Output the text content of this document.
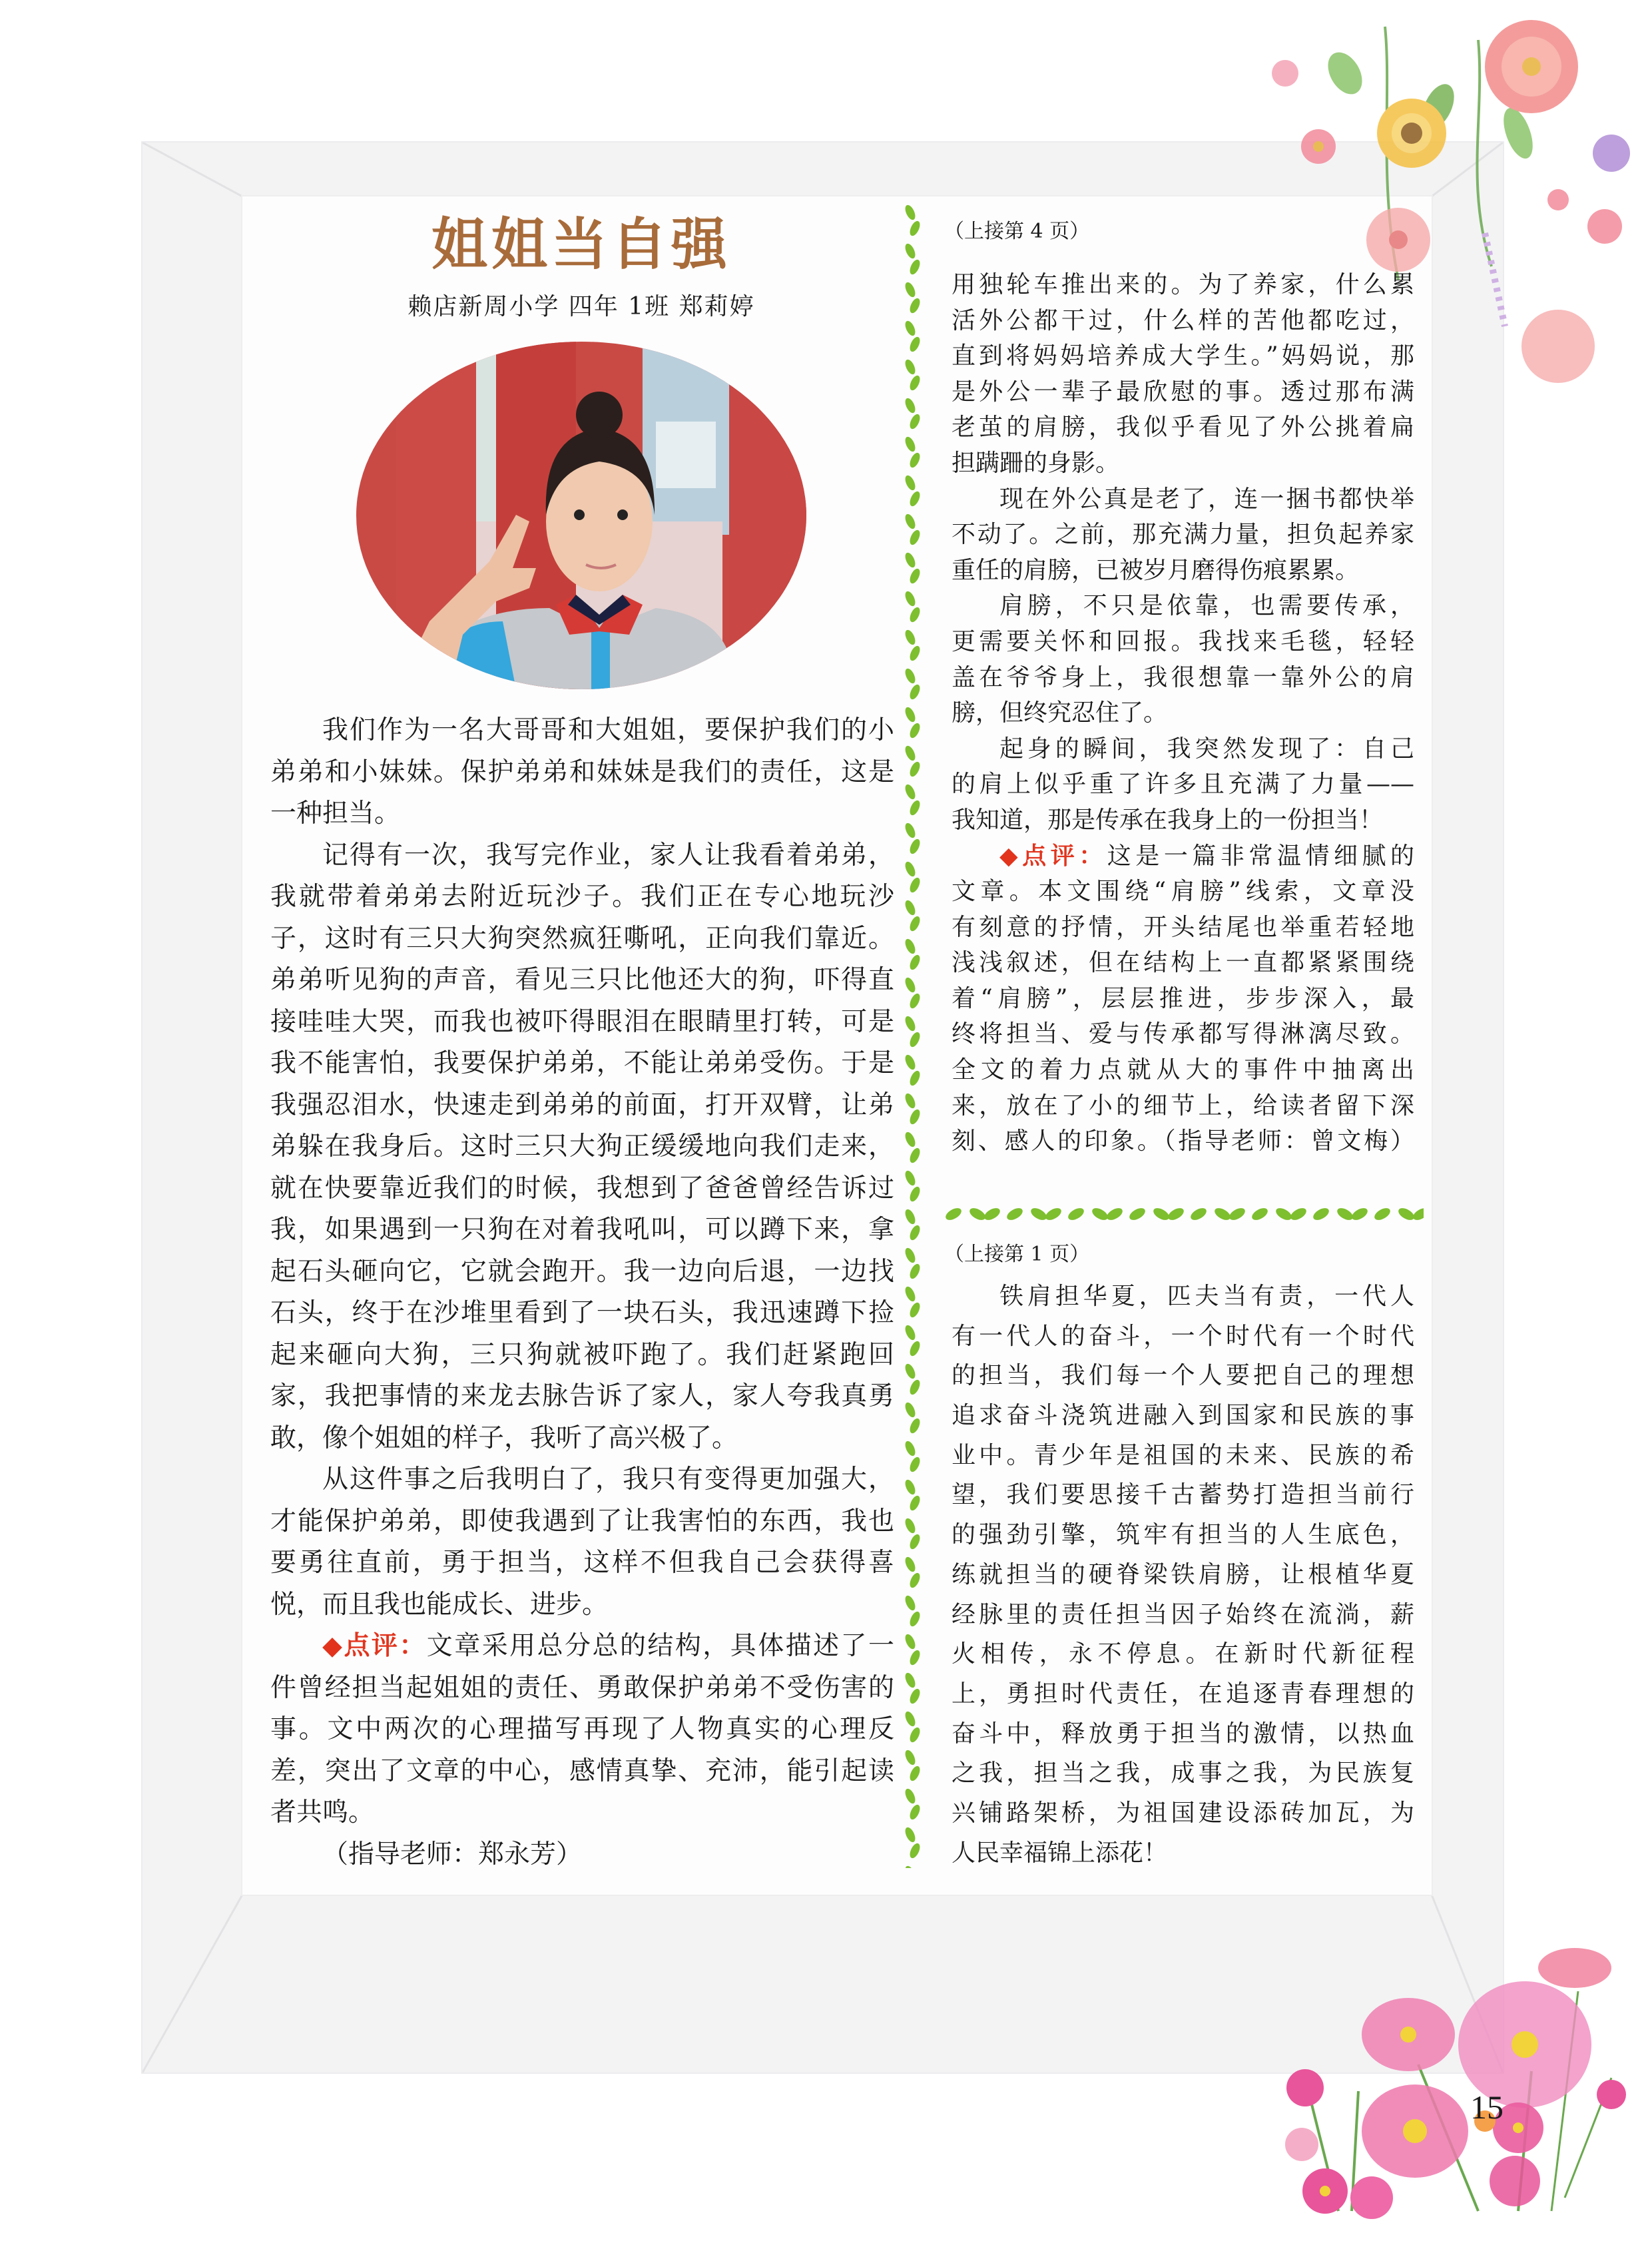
姐姐当自强
赖店新周小学 四年 1班 郑莉婷
我们作为一名大哥哥和大姐姐，要保护我们的小
弟弟和小妹妹。保护弟弟和妹妹是我们的责任，这是
一种担当。
记得有一次，我写完作业，家人让我看着弟弟，
我就带着弟弟去附近玩沙子。我们正在专心地玩沙
子，这时有三只大狗突然疯狂嘶吼，正向我们靠近。
弟弟听见狗的声音，看见三只比他还大的狗，吓得直
接哇哇大哭，而我也被吓得眼泪在眼睛里打转，可是
我不能害怕，我要保护弟弟，不能让弟弟受伤。于是
我强忍泪水，快速走到弟弟的前面，打开双臂，让弟
弟躲在我身后。这时三只大狗正缓缓地向我们走来，
就在快要靠近我们的时候，我想到了爸爸曾经告诉过
我，如果遇到一只狗在对着我吼叫，可以蹲下来，拿
起石头砸向它，它就会跑开。我一边向后退，一边找
石头，终于在沙堆里看到了一块石头，我迅速蹲下捡
起来砸向大狗，三只狗就被吓跑了。我们赶紧跑回
家，我把事情的来龙去脉告诉了家人，家人夸我真勇
敢，像个姐姐的样子，我听了高兴极了。
从这件事之后我明白了，我只有变得更加强大，
才能保护弟弟，即使我遇到了让我害怕的东西，我也
要勇往直前，勇于担当，这样不但我自己会获得喜
悦，而且我也能成长、进步。
◆点评：文章采用总分总的结构，具体描述了一
件曾经担当起姐姐的责任、勇敢保护弟弟不受伤害的
事。文中两次的心理描写再现了人物真实的心理反
差，突出了文章的中心，感情真挚、充沛，能引起读
者共鸣。
（指导老师：郑永芳）
（上接第 4 页）
用独轮车推出来的。为了养家，什么累
活外公都干过，什么样的苦他都吃过，
直到将妈妈培养成大学生。”妈妈说，那
是外公一辈子最欣慰的事。透过那布满
老茧的肩膀，我似乎看见了外公挑着扁
担蹒跚的身影。
现在外公真是老了，连一捆书都快举
不动了。之前，那充满力量，担负起养家
重任的肩膀，已被岁月磨得伤痕累累。
肩膀，不只是依靠，也需要传承，
更需要关怀和回报。我找来毛毯，轻轻
盖在爷爷身上，我很想靠一靠外公的肩
膀，但终究忍住了。
起身的瞬间，我突然发现了：自己
的肩上似乎重了许多且充满了力量——
我知道，那是传承在我身上的一份担当！
◆点评：这是一篇非常温情细腻的
文章。本文围绕“肩膀”线索，文章没
有刻意的抒情，开头结尾也举重若轻地
浅浅叙述，但在结构上一直都紧紧围绕
着“肩膀”，层层推进，步步深入，最
终将担当、爱与传承都写得淋漓尽致。
全文的着力点就从大的事件中抽离出
来，放在了小的细节上，给读者留下深
刻、感人的印象。（指导老师：曾文梅）
（上接第 1 页）
铁肩担华夏，匹夫当有责，一代人
有一代人的奋斗，一个时代有一个时代
的担当，我们每一个人要把自己的理想
追求奋斗浇筑进融入到国家和民族的事
业中。青少年是祖国的未来、民族的希
望，我们要思接千古蓄势打造担当前行
的强劲引擎，筑牢有担当的人生底色，
练就担当的硬脊梁铁肩膀，让根植华夏
经脉里的责任担当因子始终在流淌，薪
火相传，永不停息。在新时代新征程
上，勇担时代责任，在追逐青春理想的
奋斗中，释放勇于担当的激情，以热血
之我，担当之我，成事之我，为民族复
兴铺路架桥，为祖国建设添砖加瓦，为
人民幸福锦上添花！
15
